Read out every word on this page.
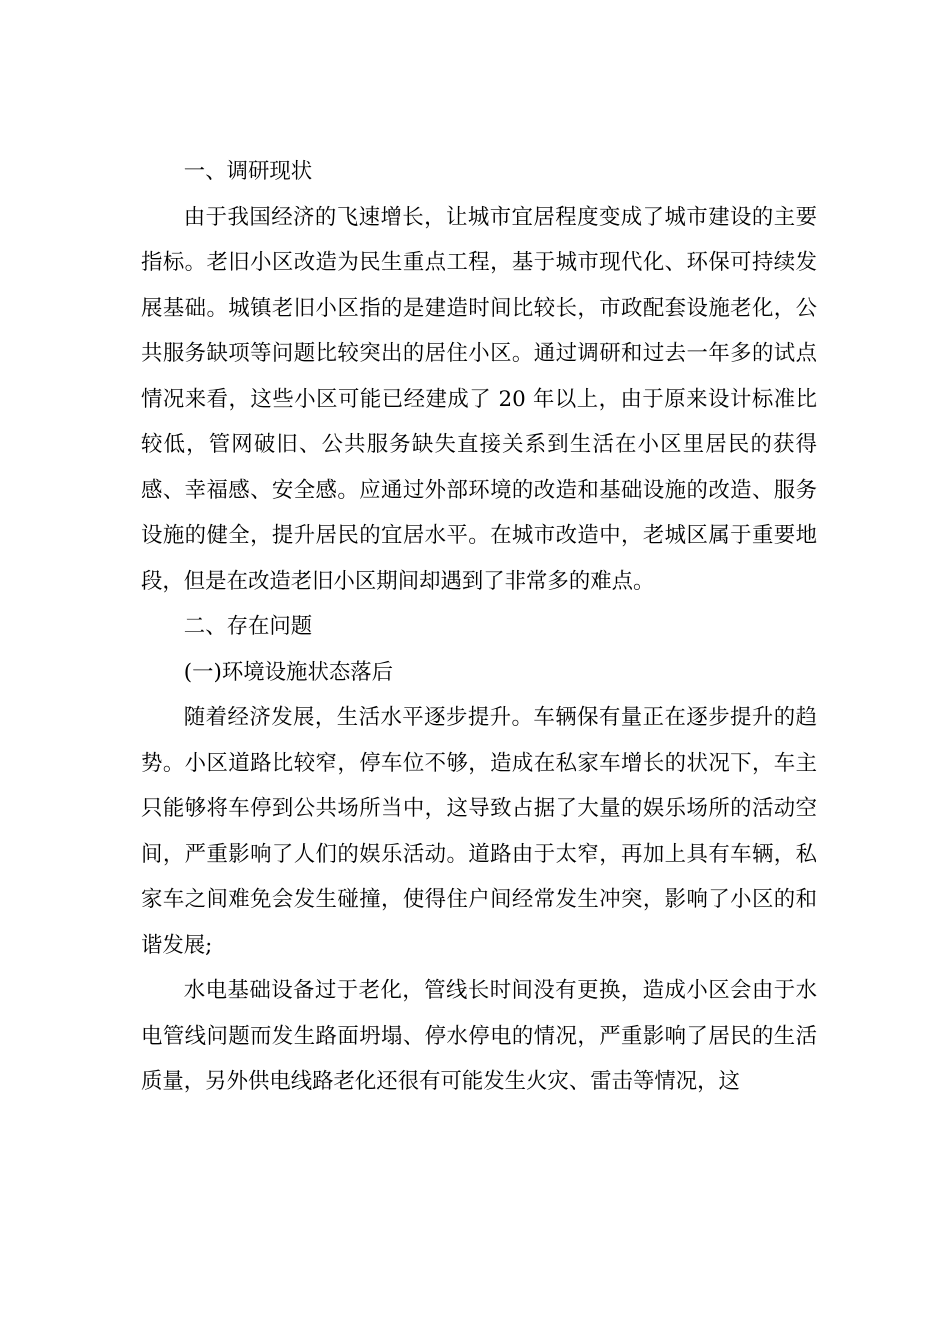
一、调研现状

由于我国经济的飞速增长，让城市宜居程度变成了城市建设的主要指标。老旧小区改造为民生重点工程，基于城市现代化、环保可持续发展基础。城镇老旧小区指的是建造时间比较长，市政配套设施老化，公共服务缺项等问题比较突出的居住小区。通过调研和过去一年多的试点情况来看，这些小区可能已经建成了 20 年以上，由于原来设计标准比较低，管网破旧、公共服务缺失直接关系到生活在小区里居民的获得感、幸福感、安全感。应通过外部环境的改造和基础设施的改造、服务设施的健全，提升居民的宜居水平。在城市改造中，老城区属于重要地段，但是在改造老旧小区期间却遇到了非常多的难点。

二、存在问题

(一)环境设施状态落后

随着经济发展，生活水平逐步提升。车辆保有量正在逐步提升的趋势。小区道路比较窄，停车位不够，造成在私家车增长的状况下，车主只能够将车停到公共场所当中，这导致占据了大量的娱乐场所的活动空间，严重影响了人们的娱乐活动。道路由于太窄，再加上具有车辆，私家车之间难免会发生碰撞，使得住户间经常发生冲突，影响了小区的和谐发展;

水电基础设备过于老化，管线长时间没有更换，造成小区会由于水电管线问题而发生路面坍塌、停水停电的情况，严重影响了居民的生活质量，另外供电线路老化还很有可能发生火灾、雷击等情况，这
